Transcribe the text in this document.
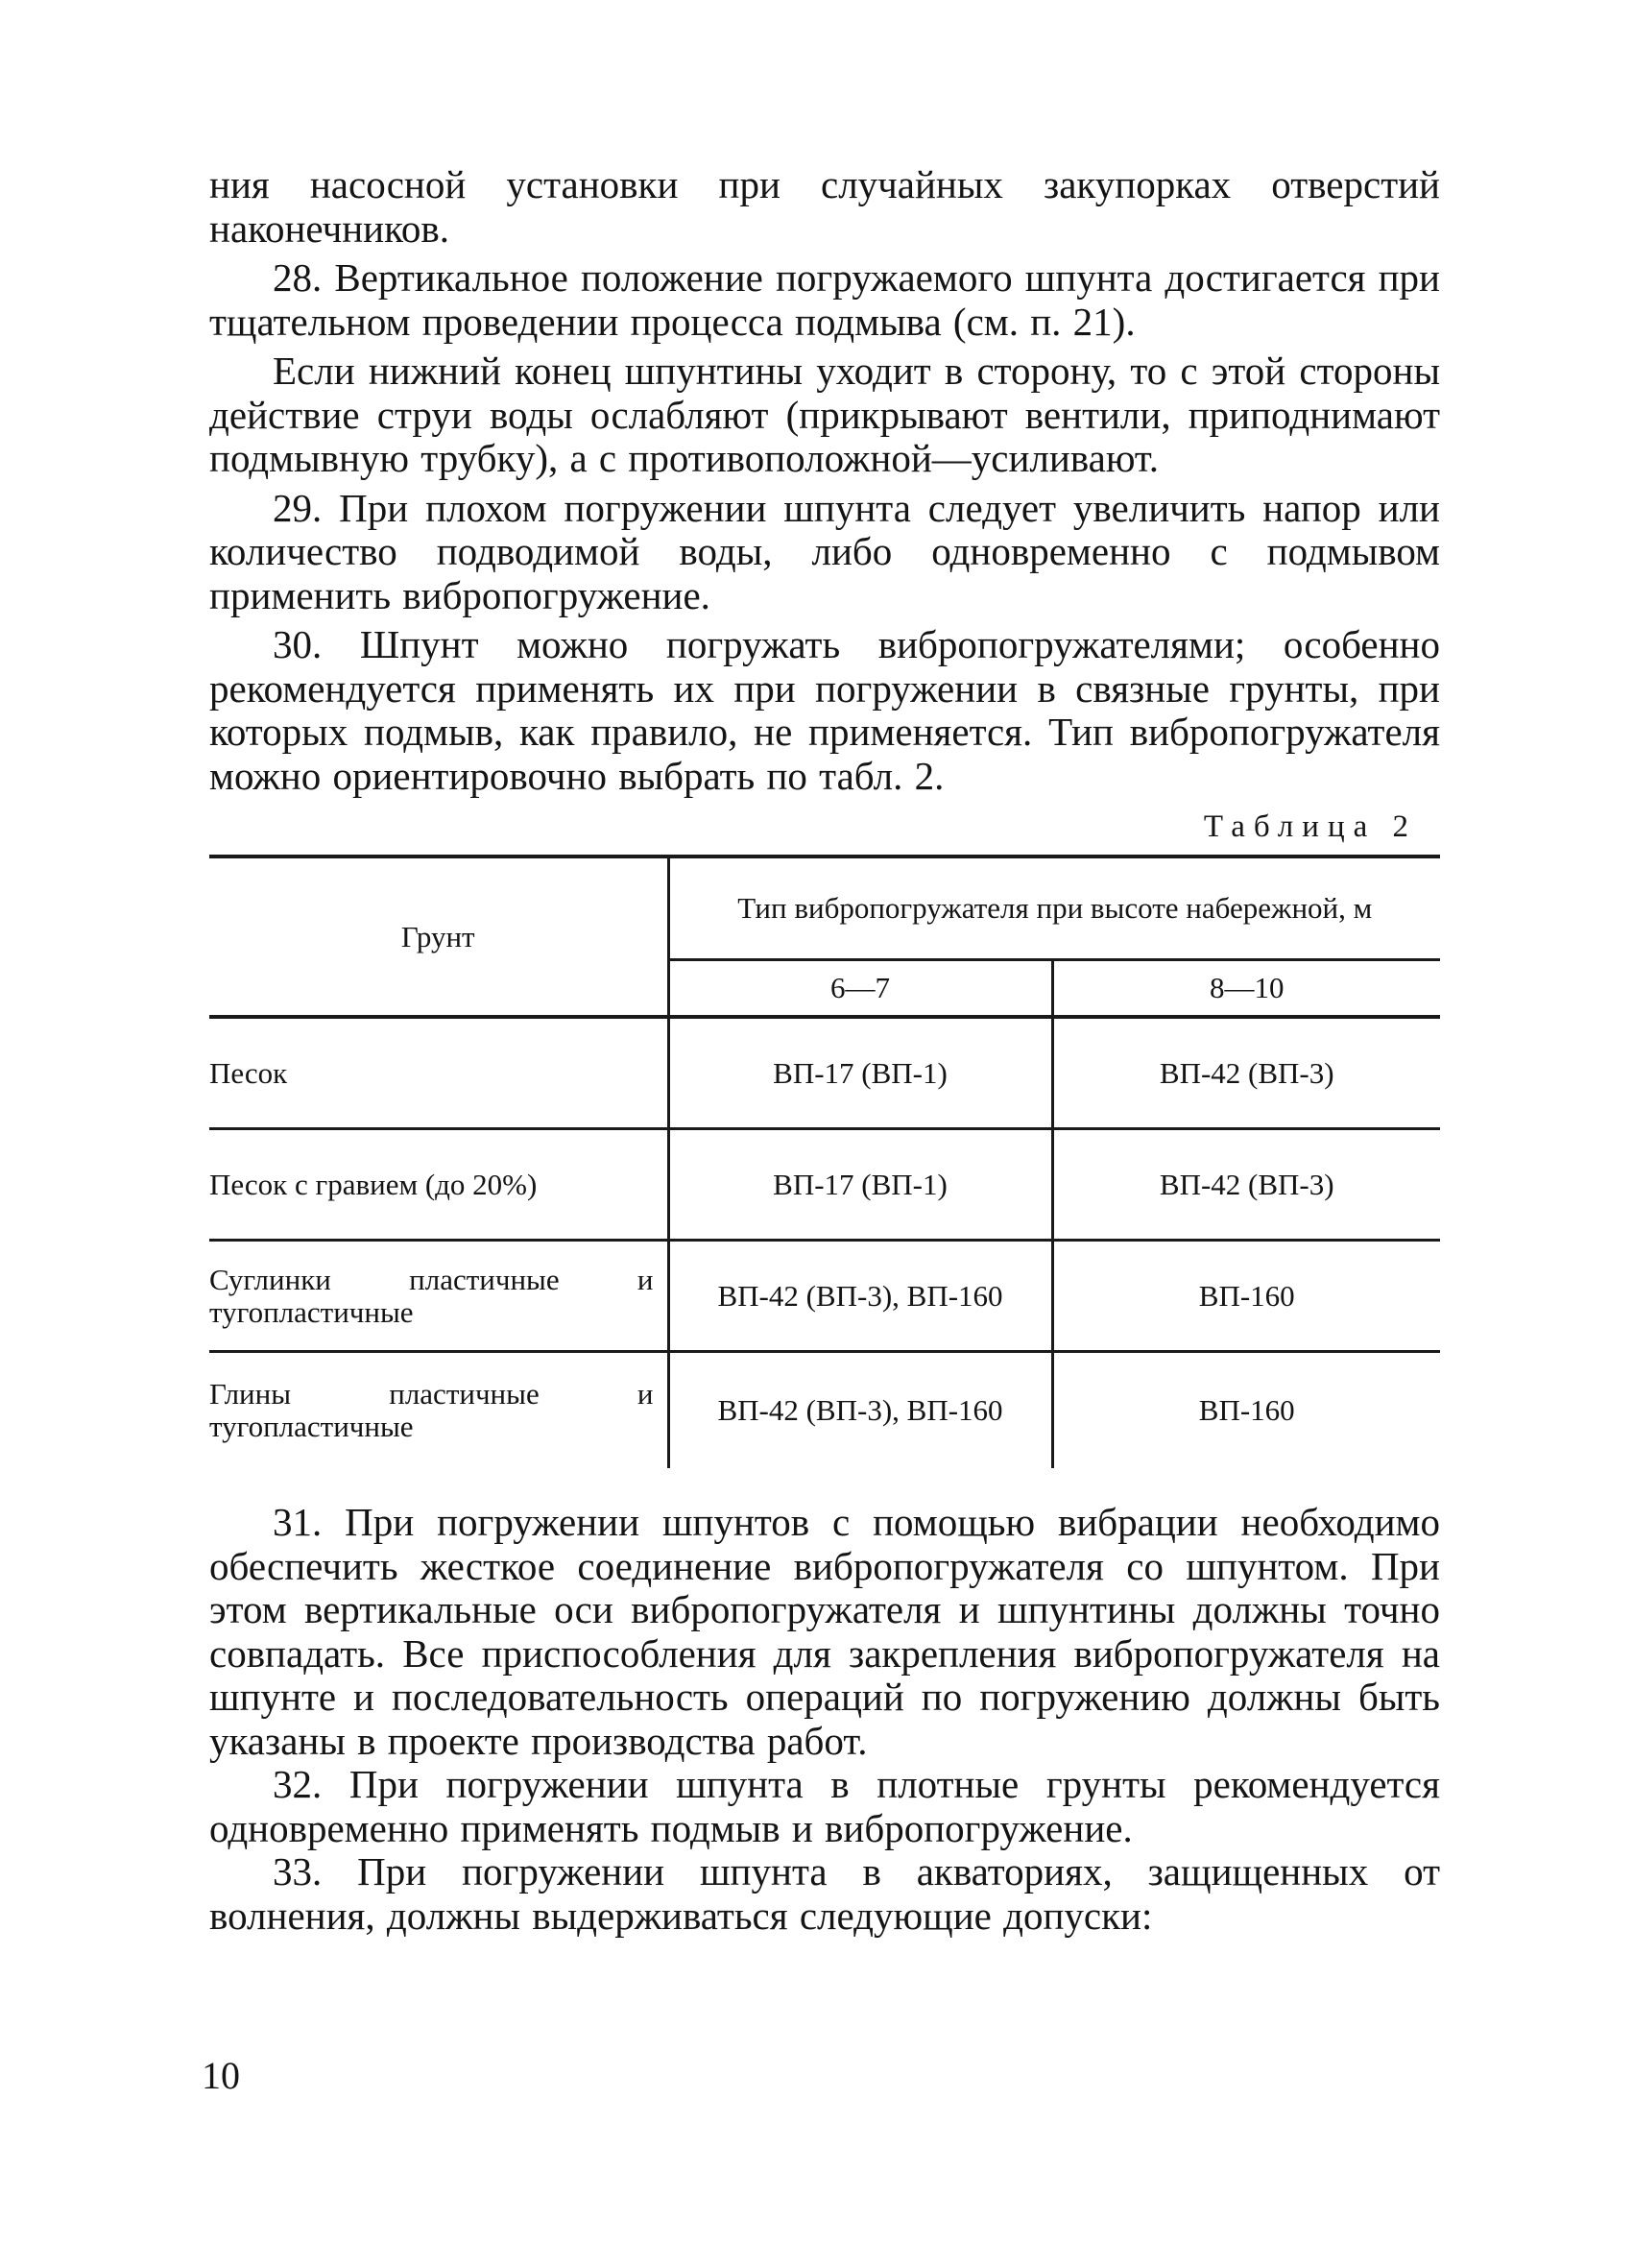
ния насосной установки при случайных закупорках отверстий наконечников.

28. Вертикальное положение погружаемого шпунта достигается при тщательном проведении процесса подмыва (см. п. 21).

Если нижний конец шпунтины уходит в сторону, то с этой стороны действие струи воды ослабляют (прикрывают вентили, приподнимают подмывную трубку), а с противоположной—усиливают.

29. При плохом погружении шпунта следует увеличить напор или количество подводимой воды, либо одновременно с подмывом применить вибропогружение.

30. Шпунт можно погружать вибропогружателями; особенно рекомендуется применять их при погружении в связные грунты, при которых подмыв, как правило, не применяется. Тип вибропогружателя можно ориентировочно выбрать по табл. 2.

Таблица 2
Грунт	Тип вибропогружателя при высоте набережной, м	
	6—7	8—10
Песок	ВП-17 (ВП-1)	ВП-42 (ВП-3)
Песок с гравием (до 20%)	ВП-17 (ВП-1)	ВП-42 (ВП-3)
Суглинки пластичные и тугопластичные	ВП-42 (ВП-3), ВП-160	ВП-160
Глины пластичные и тугопластичные	ВП-42 (ВП-3), ВП-160	ВП-160

31. При погружении шпунтов с помощью вибрации необходимо обеспечить жесткое соединение вибропогружателя со шпунтом. При этом вертикальные оси вибропогружателя и шпунтины должны точно совпадать. Все приспособления для закрепления вибропогружателя на шпунте и последовательность операций по погружению должны быть указаны в проекте производства работ.

32. При погружении шпунта в плотные грунты рекомендуется одновременно применять подмыв и вибропогружение.

33. При погружении шпунта в акваториях, защищенных от волнения, должны выдерживаться следующие допуски:

10
